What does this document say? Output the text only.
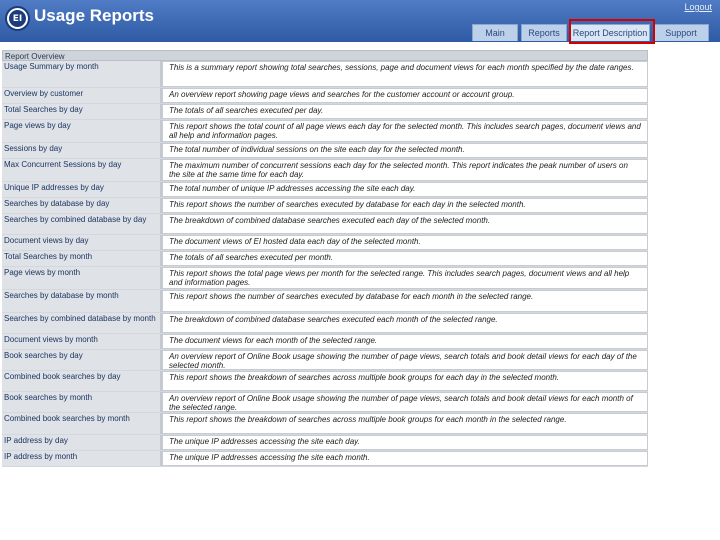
EI Usage Reports	Logout
Main	Reports	Report Description	Support
Report Overview
Usage Summary by month	This is a summary report showing total searches, sessions, page and document views for each month specified by the date ranges.
Overview by customer	An overview report showing page views and searches for the customer account or account group.
Total Searches by day	The totals of all searches executed per day.
Page views by day	This report shows the total count of all page views each day for the selected month. This includes search pages, document views and all help and information pages.
Sessions by day	The total number of individual sessions on the site each day for the selected month.
Max Concurrent Sessions by day	The maximum number of concurrent sessions each day for the selected month. This report indicates the peak number of users on the site at the same time for each day.
Unique IP addresses by day	The total number of unique IP addresses accessing the site each day.
Searches by database by day	This report shows the number of searches executed by database for each day in the selected month.
Searches by combined database by day	The breakdown of combined database searches executed each day of the selected month.
Document views by day	The document views of EI hosted data each day of the selected month.
Total Searches by month	The totals of all searches executed per month.
Page views by month	This report shows the total page views per month for the selected range. This includes search pages, document views and all help and information pages.
Searches by database by month	This report shows the number of searches executed by database for each month in the selected range.
Searches by combined database by month	The breakdown of combined database searches executed each month of the selected range.
Document views by month	The document views for each month of the selected range.
Book searches by day	An overview report of Online Book usage showing the number of page views, search totals and book detail views for each day of the selected month.
Combined book searches by day	This report shows the breakdown of searches across multiple book groups for each day in the selected month.
Book searches by month	An overview report of Online Book usage showing the number of page views, search totals and book detail views for each month of the selected range.
Combined book searches by month	This report shows the breakdown of searches across multiple book groups for each month in the selected range.
IP address by day	The unique IP addresses accessing the site each day.
IP address by month	The unique IP addresses accessing the site each month.
